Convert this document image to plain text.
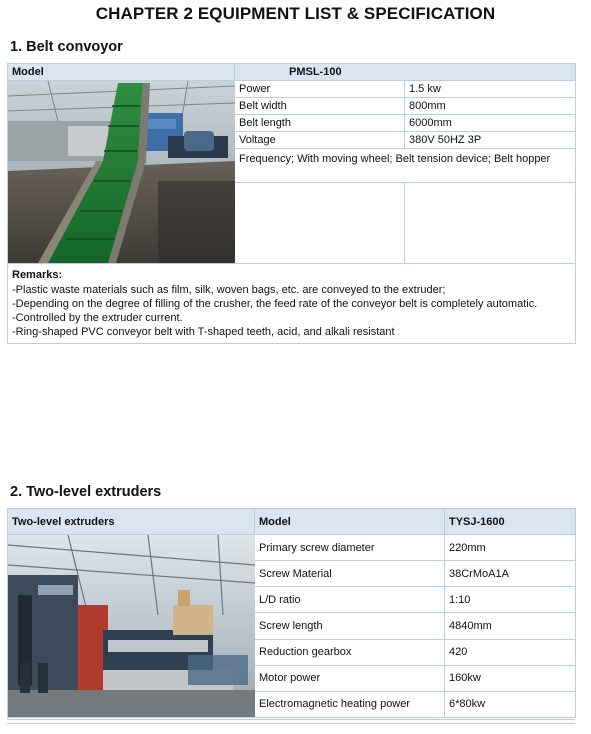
CHAPTER 2 EQUIPMENT LIST & SPECIFICATION
1. Belt convoyor
Model	PMSL-100	

	Power	1.5 kw
	Belt width	800mm
	Belt length	6000mm
	Voltage	380V 50HZ 3P
	Frequency; With moving wheel; Belt tension device; Belt hopper	

Remarks:
-Plastic waste materials such as film, silk, woven bags, etc. are conveyed to the extruder;
-Depending on the degree of filling of the crusher, the feed rate of the conveyor belt is completely automatic.
-Controlled by the extruder current.
-Ring-shaped PVC conveyor belt with T-shaped teeth, acid, and alkali resistant		
2. Two-level extruders
Two-level extruders	Model	TYSJ-1600

	Primary screw diameter	220mm
	Screw Material	38CrMoA1A
	L/D ratio	1:10
	Screw length	4840mm
	Reduction gearbox	420
	Motor power	160kw
	Electromagnetic heating power	6*80kw
